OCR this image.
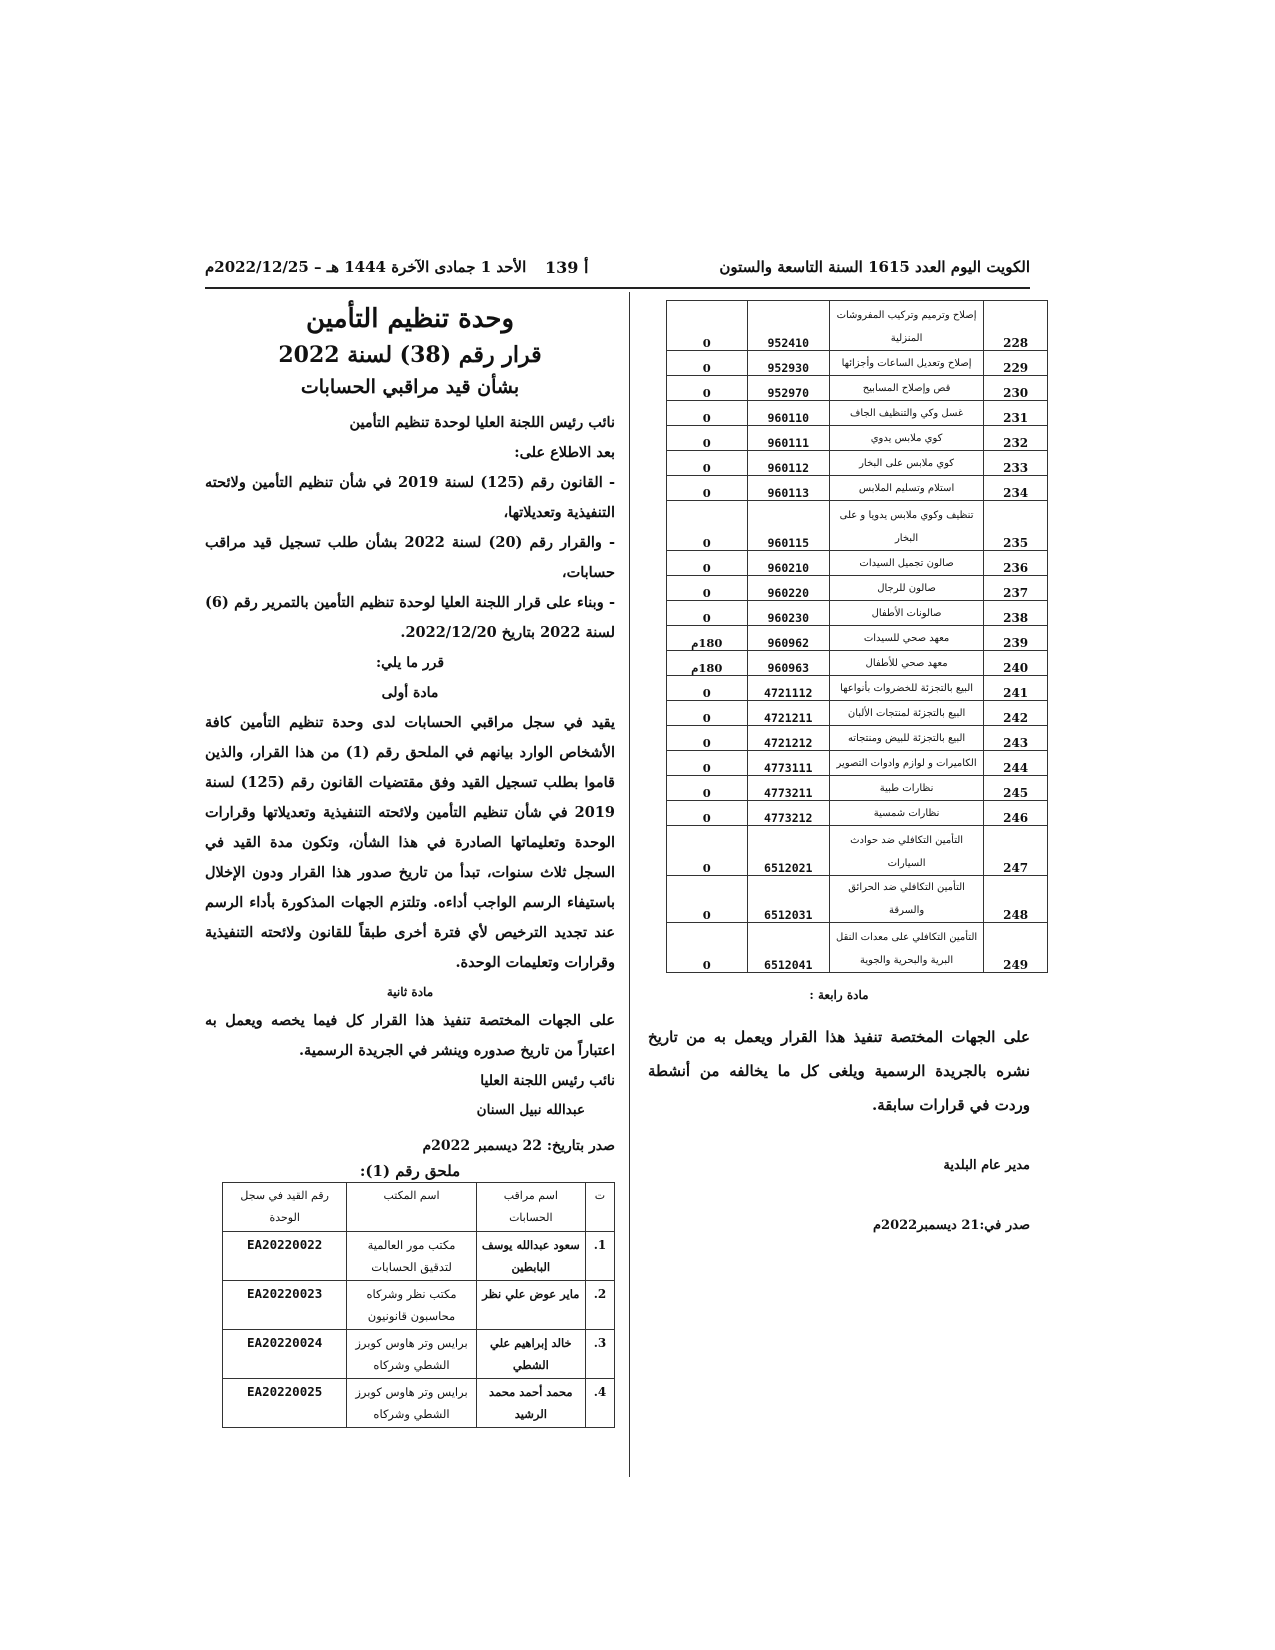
الكويت اليوم العدد 1615 السنة التاسعة والستون
أ 139
الأحد 1 جمادى الآخرة 1444 هـ – 2022/12/25م
228	إصلاح وترميم وتركيب المفروشات المنزلية	952410	0
229	إصلاح وتعديل الساعات وأجزائها	952930	0
230	قص وإصلاح المسابيح	952970	0
231	غسل وكي والتنظيف الجاف	960110	0
232	كوي ملابس يدوي	960111	0
233	كوي ملابس على البخار	960112	0
234	استلام وتسليم الملابس	960113	0
235	تنظيف وكوي ملابس يدويا و على البخار	960115	0
236	صالون تجميل السيدات	960210	0
237	صالون للرجال	960220	0
238	صالونات الأطفال	960230	0
239	معهد صحي للسيدات	960962	180م
240	معهد صحي للأطفال	960963	180م
241	البيع بالتجزئة للخضروات بأنواعها	4721112	0
242	البيع بالتجزئة لمنتجات الألبان	4721211	0
243	البيع بالتجزئة للبيض ومنتجاته	4721212	0
244	الكاميرات و لوازم وادوات التصوير	4773111	0
245	نظارات طبية	4773211	0
246	نظارات شمسية	4773212	0
247	التأمين التكافلي ضد حوادث السيارات	6512021	0
248	التأمين التكافلي ضد الحرائق والسرقة	6512031	0
249	التأمين التكافلي على معدات النقل البرية والبحرية والجوية	6512041	0
مادة رابعة :
على الجهات المختصة تنفيذ هذا القرار ويعمل به من تاريخ نشره بالجريدة الرسمية ويلغى كل ما يخالفه من أنشطة وردت في قرارات سابقة.
مدير عام البلدية
صدر في:21 ديسمبر2022م
وحدة تنظيم التأمين
قرار رقم (38) لسنة 2022
بشأن قيد مراقبي الحسابات

نائب رئيس اللجنة العليا لوحدة تنظيم التأمين

بعد الاطلاع على:

- القانون رقم (125) لسنة 2019 في شأن تنظيم التأمين ولائحته التنفيذية وتعديلاتها،

- والقرار رقم (20) لسنة 2022 بشأن طلب تسجيل قيد مراقب حسابات،

- وبناء على قرار اللجنة العليا لوحدة تنظيم التأمين بالتمرير رقم (6) لسنة 2022 بتاريخ 2022/12/20.

قرر ما يلي:

مادة أولى

يقيد في سجل مراقبي الحسابات لدى وحدة تنظيم التأمين كافة الأشخاص الوارد بيانهم في الملحق رقم (1) من هذا القرار، والذين قاموا بطلب تسجيل القيد وفق مقتضيات القانون رقم (125) لسنة 2019 في شأن تنظيم التأمين ولائحته التنفيذية وتعديلاتها وقرارات الوحدة وتعليماتها الصادرة في هذا الشأن، وتكون مدة القيد في السجل ثلاث سنوات، تبدأ من تاريخ صدور هذا القرار ودون الإخلال باستيفاء الرسم الواجب أداءه. وتلتزم الجهات المذكورة بأداء الرسم عند تجديد الترخيص لأي فترة أخرى طبقاً للقانون ولائحته التنفيذية وقرارات وتعليمات الوحدة.

مادة ثانية

على الجهات المختصة تنفيذ هذا القرار كل فيما يخصه ويعمل به اعتباراً من تاريخ صدوره وينشر في الجريدة الرسمية.

نائب رئيس اللجنة العليا

عبدالله نبيل السنان

صدر بتاريخ: 22 ديسمبر 2022م

ملحق رقم (1):
ت	اسم مراقب الحسابات	اسم المكتب	رقم القيد في سجل الوحدة
1.	سعود عبدالله يوسف البابطين	مكتب مور العالمية لتدقيق الحسابات	EA20220022
2.	ماير عوض علي نظر	مكتب نظر وشركاه محاسبون قانونيون	EA20220023
3.	خالد إبراهيم علي الشطي	برايس وتر هاوس كوبرز الشطي وشركاه	EA20220024
4.	محمد أحمد محمد الرشيد	برايس وتر هاوس كوبرز الشطي وشركاه	EA20220025
